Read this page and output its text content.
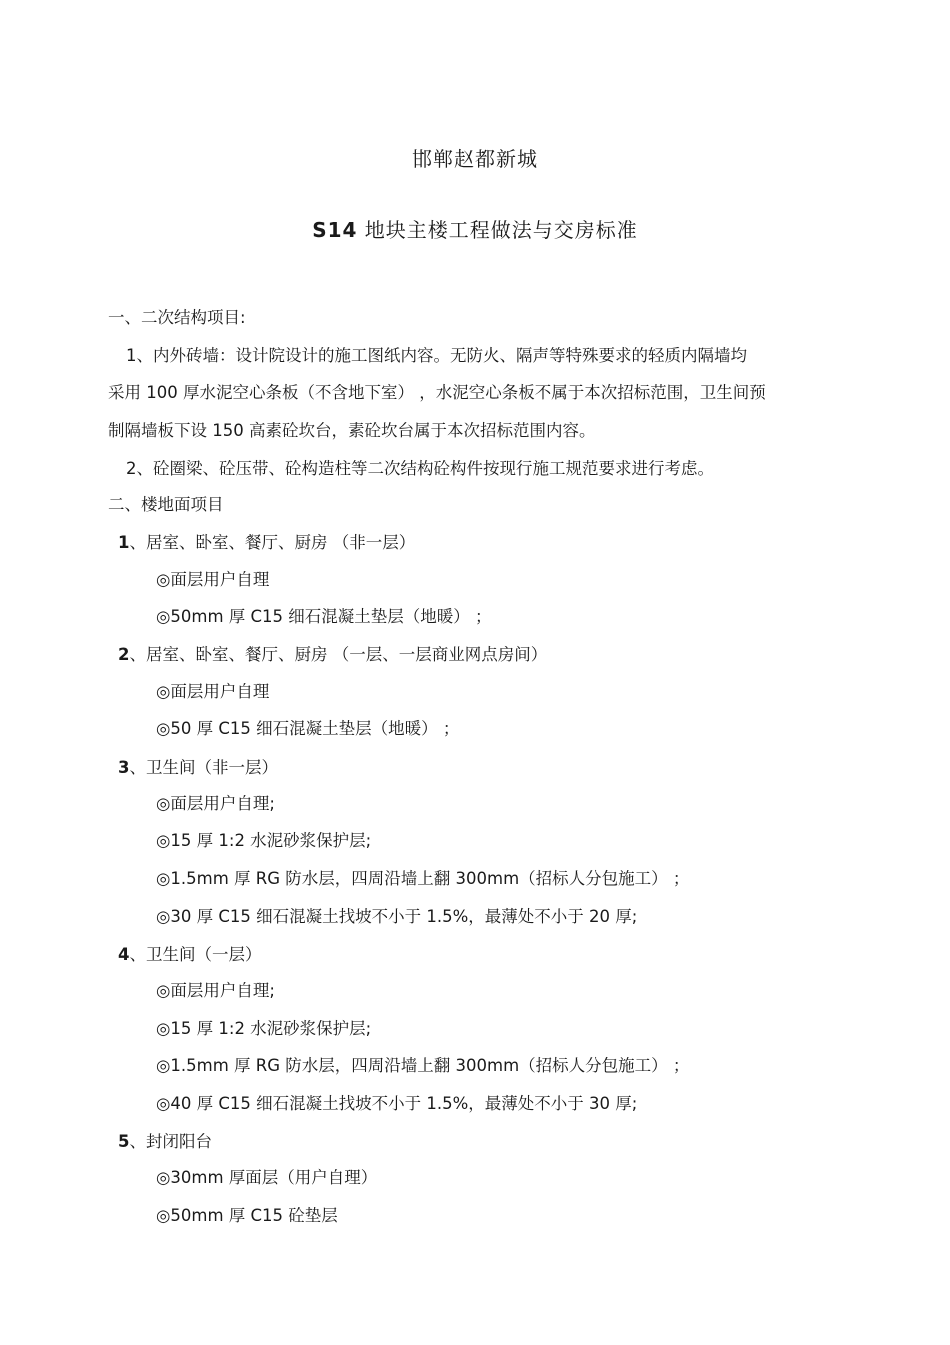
邯郸赵都新城
S14 地块主楼工程做法与交房标准
一、二次结构项目:
1、内外砖墙：设计院设计的施工图纸内容。无防火、隔声等特殊要求的轻质内隔墙均
采用 100 厚水泥空心条板（不含地下室） ，水泥空心条板不属于本次招标范围，卫生间预
制隔墙板下设 150 高素砼坎台，素砼坎台属于本次招标范围内容。
2、砼圈梁、砼压带、砼构造柱等二次结构砼构件按现行施工规范要求进行考虑。
二、楼地面项目
1、居室、卧室、餐厅、厨房 （非一层）
◎面层用户自理
◎50mm 厚 C15 细石混凝土垫层（地暖） ；
2、居室、卧室、餐厅、厨房 （一层、一层商业网点房间）
◎面层用户自理
◎50 厚 C15 细石混凝土垫层（地暖） ；
3、卫生间（非一层）
◎面层用户自理;
◎15 厚 1:2 水泥砂浆保护层;
◎1.5mm 厚 RG 防水层，四周沿墙上翻 300mm（招标人分包施工） ；
◎30 厚 C15 细石混凝土找坡不小于 1.5%，最薄处不小于 20 厚;
4、卫生间（一层）
◎面层用户自理;
◎15 厚 1:2 水泥砂浆保护层;
◎1.5mm 厚 RG 防水层，四周沿墙上翻 300mm（招标人分包施工） ；
◎40 厚 C15 细石混凝土找坡不小于 1.5%，最薄处不小于 30 厚;
5、封闭阳台
◎30mm 厚面层（用户自理）
◎50mm 厚 C15 砼垫层
